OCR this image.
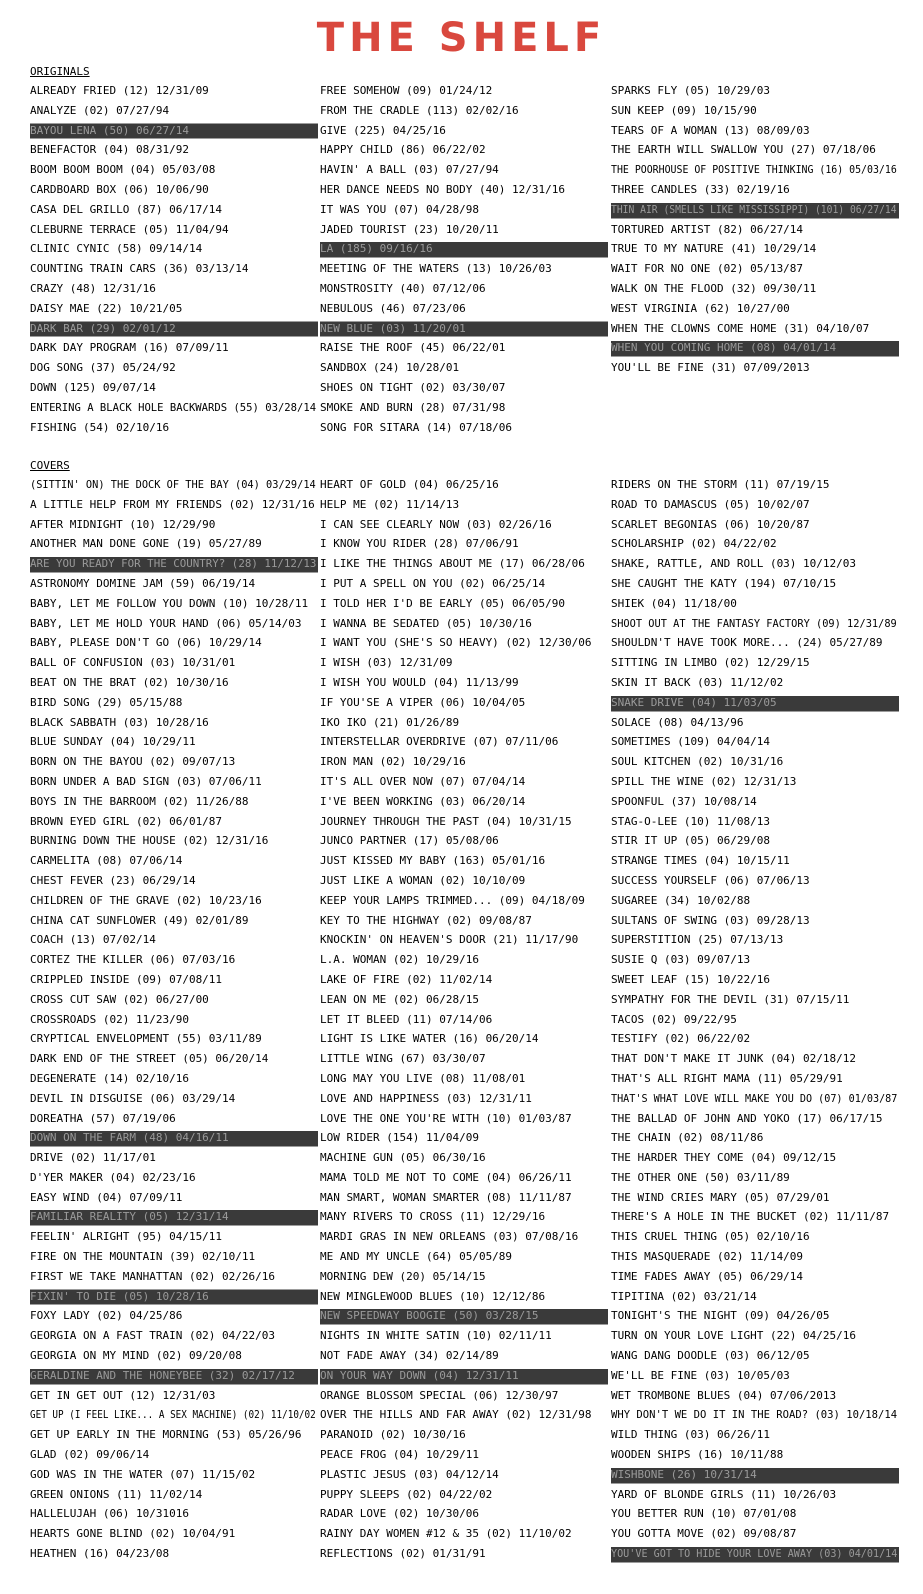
THE SHELF
ORIGINALS
ALREADY FRIED (12) 12/31/09
ANALYZE (02) 07/27/94
BAYOU LENA (50) 06/27/14
BENEFACTOR (04) 08/31/92
BOOM BOOM BOOM (04) 05/03/08
CARDBOARD BOX (06) 10/06/90
CASA DEL GRILLO (87) 06/17/14
CLEBURNE TERRACE (05) 11/04/94
CLINIC CYNIC (58) 09/14/14
COUNTING TRAIN CARS (36) 03/13/14
CRAZY (48) 12/31/16
DAISY MAE (22) 10/21/05
DARK BAR (29) 02/01/12
DARK DAY PROGRAM (16) 07/09/11
DOG SONG (37) 05/24/92
DOWN (125) 09/07/14
ENTERING A BLACK HOLE BACKWARDS (55) 03/28/14
FISHING (54) 02/10/16
FREE SOMEHOW (09) 01/24/12
FROM THE CRADLE (113) 02/02/16
GIVE (225) 04/25/16
HAPPY CHILD (86) 06/22/02
HAVIN' A BALL (03) 07/27/94
HER DANCE NEEDS NO BODY (40) 12/31/16
IT WAS YOU (07) 04/28/98
JADED TOURIST (23) 10/20/11
LA (185) 09/16/16
MEETING OF THE WATERS (13) 10/26/03
MONSTROSITY (40) 07/12/06
NEBULOUS (46) 07/23/06
NEW BLUE (03) 11/20/01
RAISE THE ROOF (45) 06/22/01
SANDBOX (24) 10/28/01
SHOES ON TIGHT (02) 03/30/07
SMOKE AND BURN (28) 07/31/98
SONG FOR SITARA (14) 07/18/06
SPARKS FLY (05) 10/29/03
SUN KEEP (09) 10/15/90
TEARS OF A WOMAN (13) 08/09/03
THE EARTH WILL SWALLOW YOU (27) 07/18/06
THE POORHOUSE OF POSITIVE THINKING (16) 05/03/16
THREE CANDLES (33) 02/19/16
THIN AIR (SMELLS LIKE MISSISSIPPI) (101) 06/27/14
TORTURED ARTIST (82) 06/27/14
TRUE TO MY NATURE (41) 10/29/14
WAIT FOR NO ONE (02) 05/13/87
WALK ON THE FLOOD (32) 09/30/11
WEST VIRGINIA (62) 10/27/00
WHEN THE CLOWNS COME HOME (31) 04/10/07
WHEN YOU COMING HOME (08) 04/01/14
YOU'LL BE FINE (31) 07/09/2013
COVERS
(SITTIN' ON) THE DOCK OF THE BAY (04) 03/29/14
A LITTLE HELP FROM MY FRIENDS (02) 12/31/16
AFTER MIDNIGHT (10) 12/29/90
ANOTHER MAN DONE GONE (19) 05/27/89
ARE YOU READY FOR THE COUNTRY? (28) 11/12/13
ASTRONOMY DOMINE JAM (59) 06/19/14
BABY, LET ME FOLLOW YOU DOWN (10) 10/28/11
BABY, LET ME HOLD YOUR HAND (06) 05/14/03
BABY, PLEASE DON'T GO (06) 10/29/14
BALL OF CONFUSION (03) 10/31/01
BEAT ON THE BRAT (02) 10/30/16
BIRD SONG (29) 05/15/88
BLACK SABBATH (03) 10/28/16
BLUE SUNDAY (04) 10/29/11
BORN ON THE BAYOU (02) 09/07/13
BORN UNDER A BAD SIGN (03) 07/06/11
BOYS IN THE BARROOM (02) 11/26/88
BROWN EYED GIRL (02) 06/01/87
BURNING DOWN THE HOUSE (02) 12/31/16
CARMELITA (08) 07/06/14
CHEST FEVER (23) 06/29/14
CHILDREN OF THE GRAVE (02) 10/23/16
CHINA CAT SUNFLOWER (49) 02/01/89
COACH (13) 07/02/14
CORTEZ THE KILLER (06) 07/03/16
CRIPPLED INSIDE (09) 07/08/11
CROSS CUT SAW (02) 06/27/00
CROSSROADS (02) 11/23/90
CRYPTICAL ENVELOPMENT (55) 03/11/89
DARK END OF THE STREET (05) 06/20/14
DEGENERATE (14) 02/10/16
DEVIL IN DISGUISE (06) 03/29/14
DOREATHA (57) 07/19/06
DOWN ON THE FARM (48) 04/16/11
DRIVE (02) 11/17/01
D'YER MAKER (04) 02/23/16
EASY WIND (04) 07/09/11
FAMILIAR REALITY (05) 12/31/14
FEELIN' ALRIGHT (95) 04/15/11
FIRE ON THE MOUNTAIN (39) 02/10/11
FIRST WE TAKE MANHATTAN (02) 02/26/16
FIXIN' TO DIE (05) 10/28/16
FOXY LADY (02) 04/25/86
GEORGIA ON A FAST TRAIN (02) 04/22/03
GEORGIA ON MY MIND (02) 09/20/08
GERALDINE AND THE HONEYBEE (32) 02/17/12
GET IN GET OUT (12) 12/31/03
GET UP (I FEEL LIKE... A SEX MACHINE) (02) 11/10/02
GET UP EARLY IN THE MORNING (53) 05/26/96
GLAD (02) 09/06/14
GOD WAS IN THE WATER (07) 11/15/02
GREEN ONIONS (11) 11/02/14
HALLELUJAH (06) 10/31016
HEARTS GONE BLIND (02) 10/04/91
HEATHEN (16) 04/23/08
HEART OF GOLD (04) 06/25/16
HELP ME (02) 11/14/13
I CAN SEE CLEARLY NOW (03) 02/26/16
I KNOW YOU RIDER (28) 07/06/91
I LIKE THE THINGS ABOUT ME (17) 06/28/06
I PUT A SPELL ON YOU (02) 06/25/14
I TOLD HER I'D BE EARLY (05) 06/05/90
I WANNA BE SEDATED (05) 10/30/16
I WANT YOU (SHE'S SO HEAVY) (02) 12/30/06
I WISH (03) 12/31/09
I WISH YOU WOULD (04) 11/13/99
IF YOU'SE A VIPER (06) 10/04/05
IKO IKO (21) 01/26/89
INTERSTELLAR OVERDRIVE (07) 07/11/06
IRON MAN (02) 10/29/16
IT'S ALL OVER NOW (07) 07/04/14
I'VE BEEN WORKING (03) 06/20/14
JOURNEY THROUGH THE PAST (04) 10/31/15
JUNCO PARTNER (17) 05/08/06
JUST KISSED MY BABY (163) 05/01/16
JUST LIKE A WOMAN (02) 10/10/09
KEEP YOUR LAMPS TRIMMED... (09) 04/18/09
KEY TO THE HIGHWAY (02) 09/08/87
KNOCKIN' ON HEAVEN'S DOOR (21) 11/17/90
L.A. WOMAN (02) 10/29/16
LAKE OF FIRE (02) 11/02/14
LEAN ON ME (02) 06/28/15
LET IT BLEED (11) 07/14/06
LIGHT IS LIKE WATER (16) 06/20/14
LITTLE WING (67) 03/30/07
LONG MAY YOU LIVE (08) 11/08/01
LOVE AND HAPPINESS (03) 12/31/11
LOVE THE ONE YOU'RE WITH (10) 01/03/87
LOW RIDER (154) 11/04/09
MACHINE GUN (05) 06/30/16
MAMA TOLD ME NOT TO COME (04) 06/26/11
MAN SMART, WOMAN SMARTER (08) 11/11/87
MANY RIVERS TO CROSS (11) 12/29/16
MARDI GRAS IN NEW ORLEANS (03) 07/08/16
ME AND MY UNCLE (64) 05/05/89
MORNING DEW (20) 05/14/15
NEW MINGLEWOOD BLUES (10) 12/12/86
NEW SPEEDWAY BOOGIE (50) 03/28/15
NIGHTS IN WHITE SATIN (10) 02/11/11
NOT FADE AWAY (34) 02/14/89
ON YOUR WAY DOWN (04) 12/31/11
ORANGE BLOSSOM SPECIAL (06) 12/30/97
OVER THE HILLS AND FAR AWAY (02) 12/31/98
PARANOID (02) 10/30/16
PEACE FROG (04) 10/29/11
PLASTIC JESUS (03) 04/12/14
PUPPY SLEEPS (02) 04/22/02
RADAR LOVE (02) 10/30/06
RAINY DAY WOMEN #12 & 35 (02) 11/10/02
REFLECTIONS (02) 01/31/91
RIDERS ON THE STORM (11) 07/19/15
ROAD TO DAMASCUS (05) 10/02/07
SCARLET BEGONIAS (06) 10/20/87
SCHOLARSHIP (02) 04/22/02
SHAKE, RATTLE, AND ROLL (03) 10/12/03
SHE CAUGHT THE KATY (194) 07/10/15
SHIEK (04) 11/18/00
SHOOT OUT AT THE FANTASY FACTORY (09) 12/31/89
SHOULDN'T HAVE TOOK MORE... (24) 05/27/89
SITTING IN LIMBO (02) 12/29/15
SKIN IT BACK (03) 11/12/02
SNAKE DRIVE (04) 11/03/05
SOLACE (08) 04/13/96
SOMETIMES (109) 04/04/14
SOUL KITCHEN (02) 10/31/16
SPILL THE WINE (02) 12/31/13
SPOONFUL (37) 10/08/14
STAG-O-LEE (10) 11/08/13
STIR IT UP (05) 06/29/08
STRANGE TIMES (04) 10/15/11
SUCCESS YOURSELF (06) 07/06/13
SUGAREE (34) 10/02/88
SULTANS OF SWING (03) 09/28/13
SUPERSTITION (25) 07/13/13
SUSIE Q (03) 09/07/13
SWEET LEAF (15) 10/22/16
SYMPATHY FOR THE DEVIL (31) 07/15/11
TACOS (02) 09/22/95
TESTIFY (02) 06/22/02
THAT DON'T MAKE IT JUNK (04) 02/18/12
THAT'S ALL RIGHT MAMA (11) 05/29/91
THAT'S WHAT LOVE WILL MAKE YOU DO (07) 01/03/87
THE BALLAD OF JOHN AND YOKO (17) 06/17/15
THE CHAIN (02) 08/11/86
THE HARDER THEY COME (04) 09/12/15
THE OTHER ONE (50) 03/11/89
THE WIND CRIES MARY (05) 07/29/01
THERE'S A HOLE IN THE BUCKET (02) 11/11/87
THIS CRUEL THING (05) 02/10/16
THIS MASQUERADE (02) 11/14/09
TIME FADES AWAY (05) 06/29/14
TIPITINA (02) 03/21/14
TONIGHT'S THE NIGHT (09) 04/26/05
TURN ON YOUR LOVE LIGHT (22) 04/25/16
WANG DANG DOODLE (03) 06/12/05
WE'LL BE FINE (03) 10/05/03
WET TROMBONE BLUES (04) 07/06/2013
WHY DON'T WE DO IT IN THE ROAD? (03) 10/18/14
WILD THING (03) 06/26/11
WOODEN SHIPS (16) 10/11/88
WISHBONE (26) 10/31/14
YARD OF BLONDE GIRLS (11) 10/26/03
YOU BETTER RUN (10) 07/01/08
YOU GOTTA MOVE (02) 09/08/87
YOU'VE GOT TO HIDE YOUR LOVE AWAY (03) 04/01/14
